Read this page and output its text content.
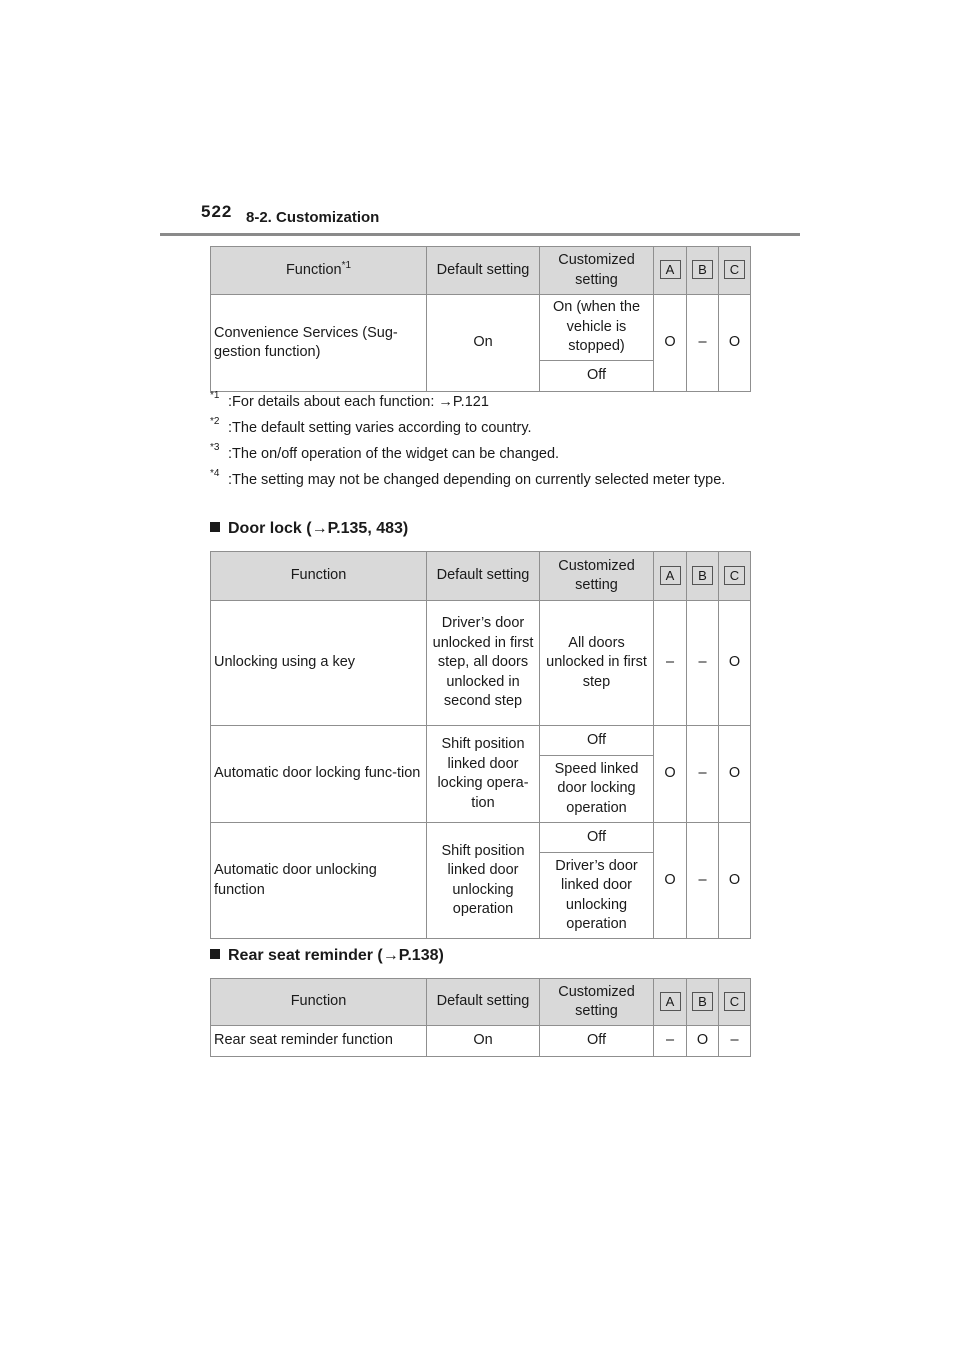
522 8-2. Customization
Function$^{*1}$	Default setting	Customized setting	A	B	C
Convenience Services (Sug-gestion function)	On	On (when the vehicle is stopped)	O	–	O
		Off			
$^{*1}$ :For details about each function: →P.121
$^{*2}$ :The default setting varies according to country.
$^{*3}$ :The on/off operation of the widget can be changed.
$^{*4}$ :The setting may not be changed depending on currently selected meter type.
Door lock (→P.135, 483)
Function	Default setting	Customized setting	A	B	C
Unlocking using a key	Driver’s door unlocked in first step, all doors unlocked in second step	All doors unlocked in first step	–	–	O
Automatic door locking func-tion	Shift position linked door locking opera-tion	Off	O	–	O
		Speed linked door locking operation			
Automatic door unlocking function	Shift position linked door unlocking operation	Off	O	–	O
		Driver’s door linked door unlocking operation			
Rear seat reminder (→P.138)
Function	Default setting	Customized setting	A	B	C
Rear seat reminder function	On	Off	–	O	–
